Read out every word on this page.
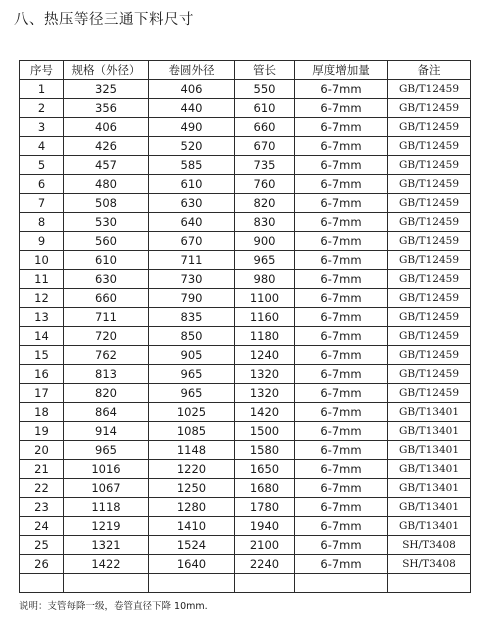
八、热压等径三通下料尺寸
序号	规格（外径）	卷圆外径	管长	厚度增加量	备注
1	325	406	550	6-7mm	GB/T12459
2	356	440	610	6-7mm	GB/T12459
3	406	490	660	6-7mm	GB/T12459
4	426	520	670	6-7mm	GB/T12459
5	457	585	735	6-7mm	GB/T12459
6	480	610	760	6-7mm	GB/T12459
7	508	630	820	6-7mm	GB/T12459
8	530	640	830	6-7mm	GB/T12459
9	560	670	900	6-7mm	GB/T12459
10	610	711	965	6-7mm	GB/T12459
11	630	730	980	6-7mm	GB/T12459
12	660	790	1100	6-7mm	GB/T12459
13	711	835	1160	6-7mm	GB/T12459
14	720	850	1180	6-7mm	GB/T12459
15	762	905	1240	6-7mm	GB/T12459
16	813	965	1320	6-7mm	GB/T12459
17	820	965	1320	6-7mm	GB/T12459
18	864	1025	1420	6-7mm	GB/T13401
19	914	1085	1500	6-7mm	GB/T13401
20	965	1148	1580	6-7mm	GB/T13401
21	1016	1220	1650	6-7mm	GB/T13401
22	1067	1250	1680	6-7mm	GB/T13401
23	1118	1280	1780	6-7mm	GB/T13401
24	1219	1410	1940	6-7mm	GB/T13401
25	1321	1524	2100	6-7mm	SH/T3408
26	1422	1640	2240	6-7mm	SH/T3408

说明：支管每降一级，卷管直径下降 10mm.
